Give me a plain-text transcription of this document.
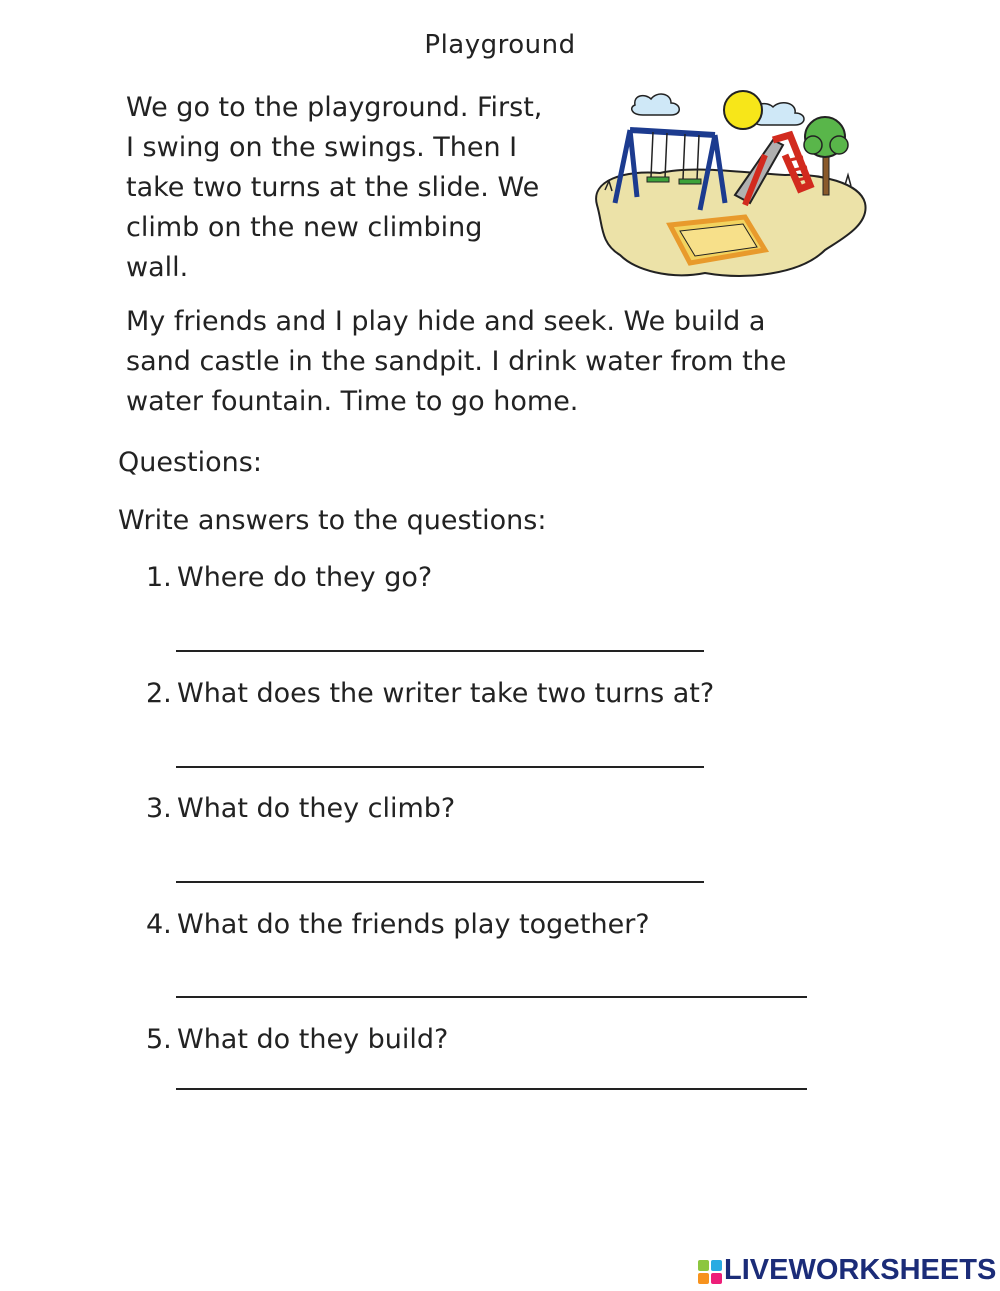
Playground
We go to the playground. First,
I swing on the swings. Then I
take two turns at the slide. We
climb on the new climbing
wall.
My friends and I play hide and seek. We build a
sand castle in the sandpit. I drink water from the
water fountain. Time to go home.
Questions:
Write answers to the questions:
1. Where do they go?
2. What does the writer take two turns at?
3. What do they climb?
4. What do the friends play together?
5. What do they build?
LIVEWORKSHEETS
